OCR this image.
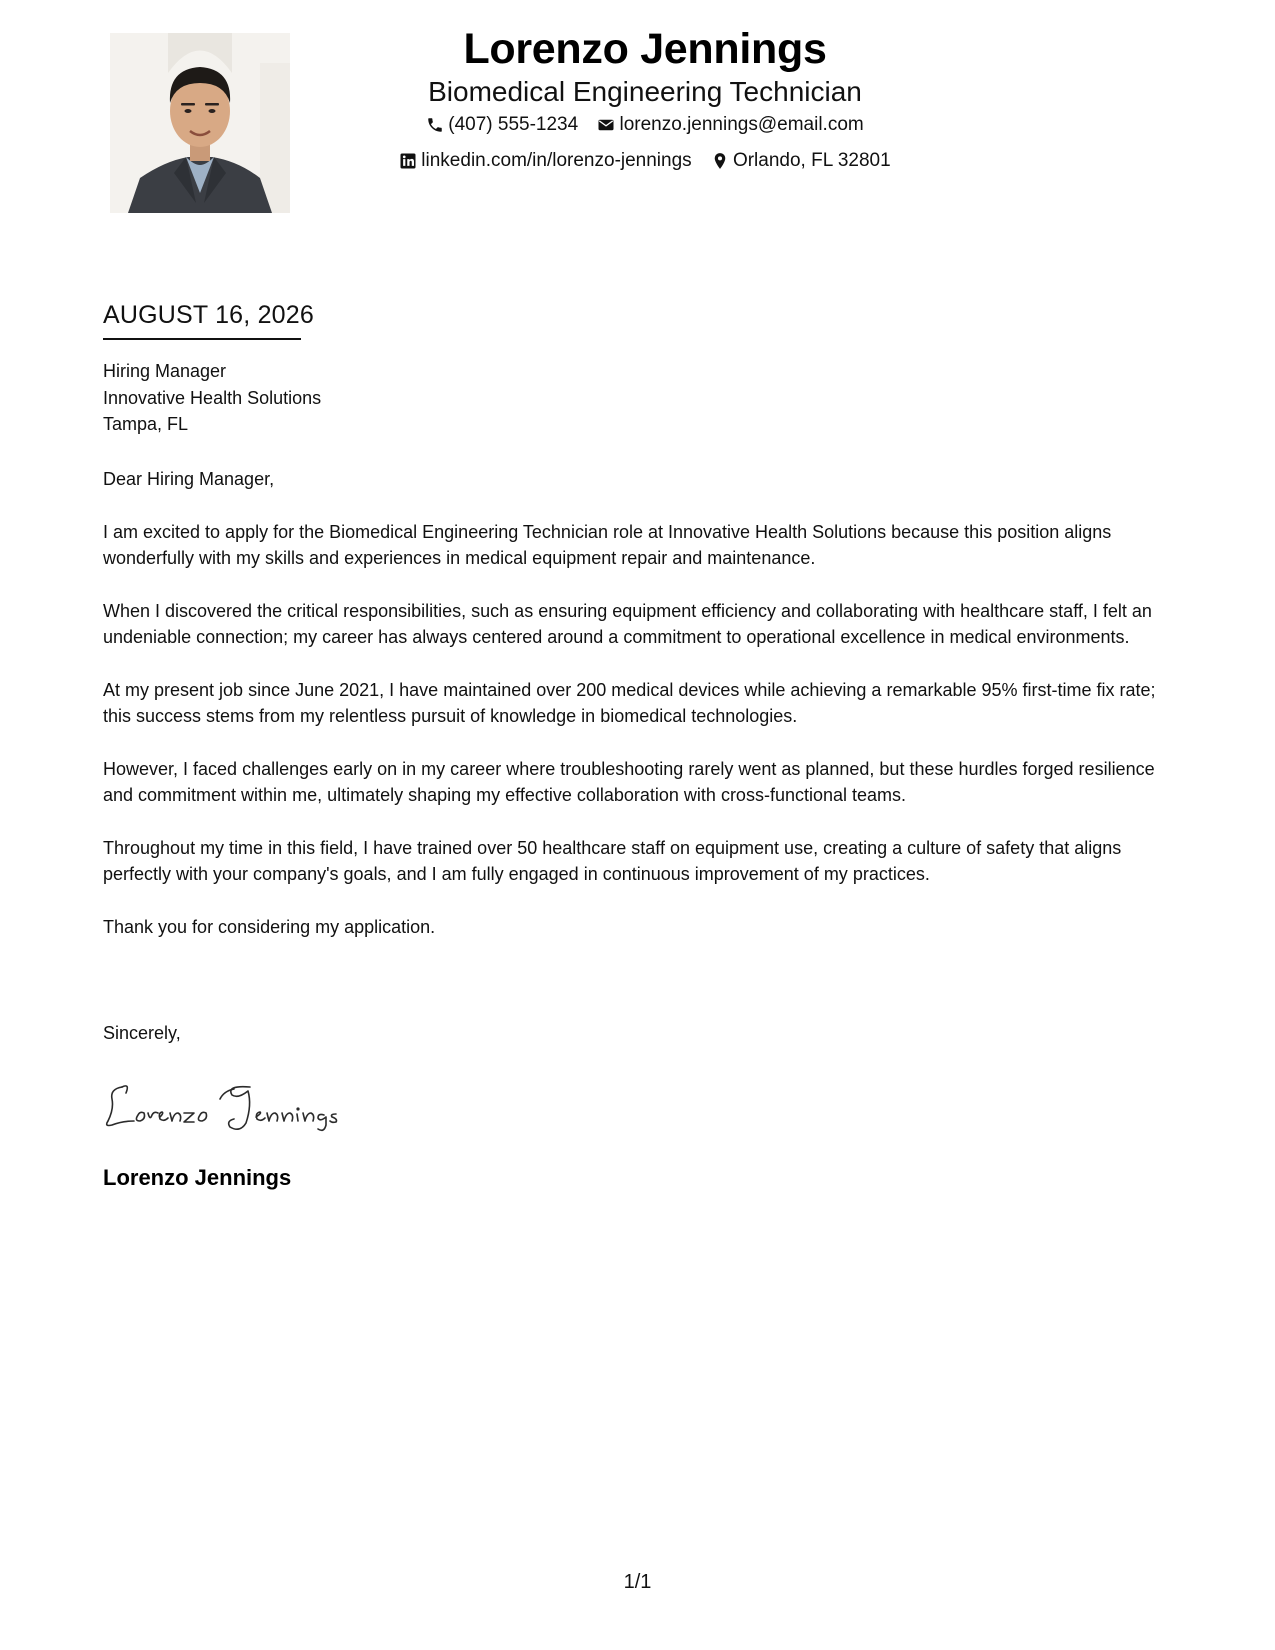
Lorenzo Jennings
Biomedical Engineering Technician
(407) 555-1234
lorenzo.jennings@email.com
linkedin.com/in/lorenzo-jennings
Orlando, FL 32801
AUGUST 16, 2026
Hiring Manager
Innovative Health Solutions
Tampa, FL

Dear Hiring Manager,

I am excited to apply for the Biomedical Engineering Technician role at Innovative Health Solutions because this position aligns wonderfully with my skills and experiences in medical equipment repair and maintenance.

When I discovered the critical responsibilities, such as ensuring equipment efficiency and collaborating with healthcare staff, I felt an undeniable connection; my career has always centered around a commitment to operational excellence in medical environments.

At my present job since June 2021, I have maintained over 200 medical devices while achieving a remarkable 95% first-time fix rate; this success stems from my relentless pursuit of knowledge in biomedical technologies.

However, I faced challenges early on in my career where troubleshooting rarely went as planned, but these hurdles forged resilience and commitment within me, ultimately shaping my effective collaboration with cross-functional teams.

Throughout my time in this field, I have trained over 50 healthcare staff on equipment use, creating a culture of safety that aligns perfectly with your company's goals, and I am fully engaged in continuous improvement of my practices.

Thank you for considering my application.

Sincerely,
Lorenzo Jennings
1/1
